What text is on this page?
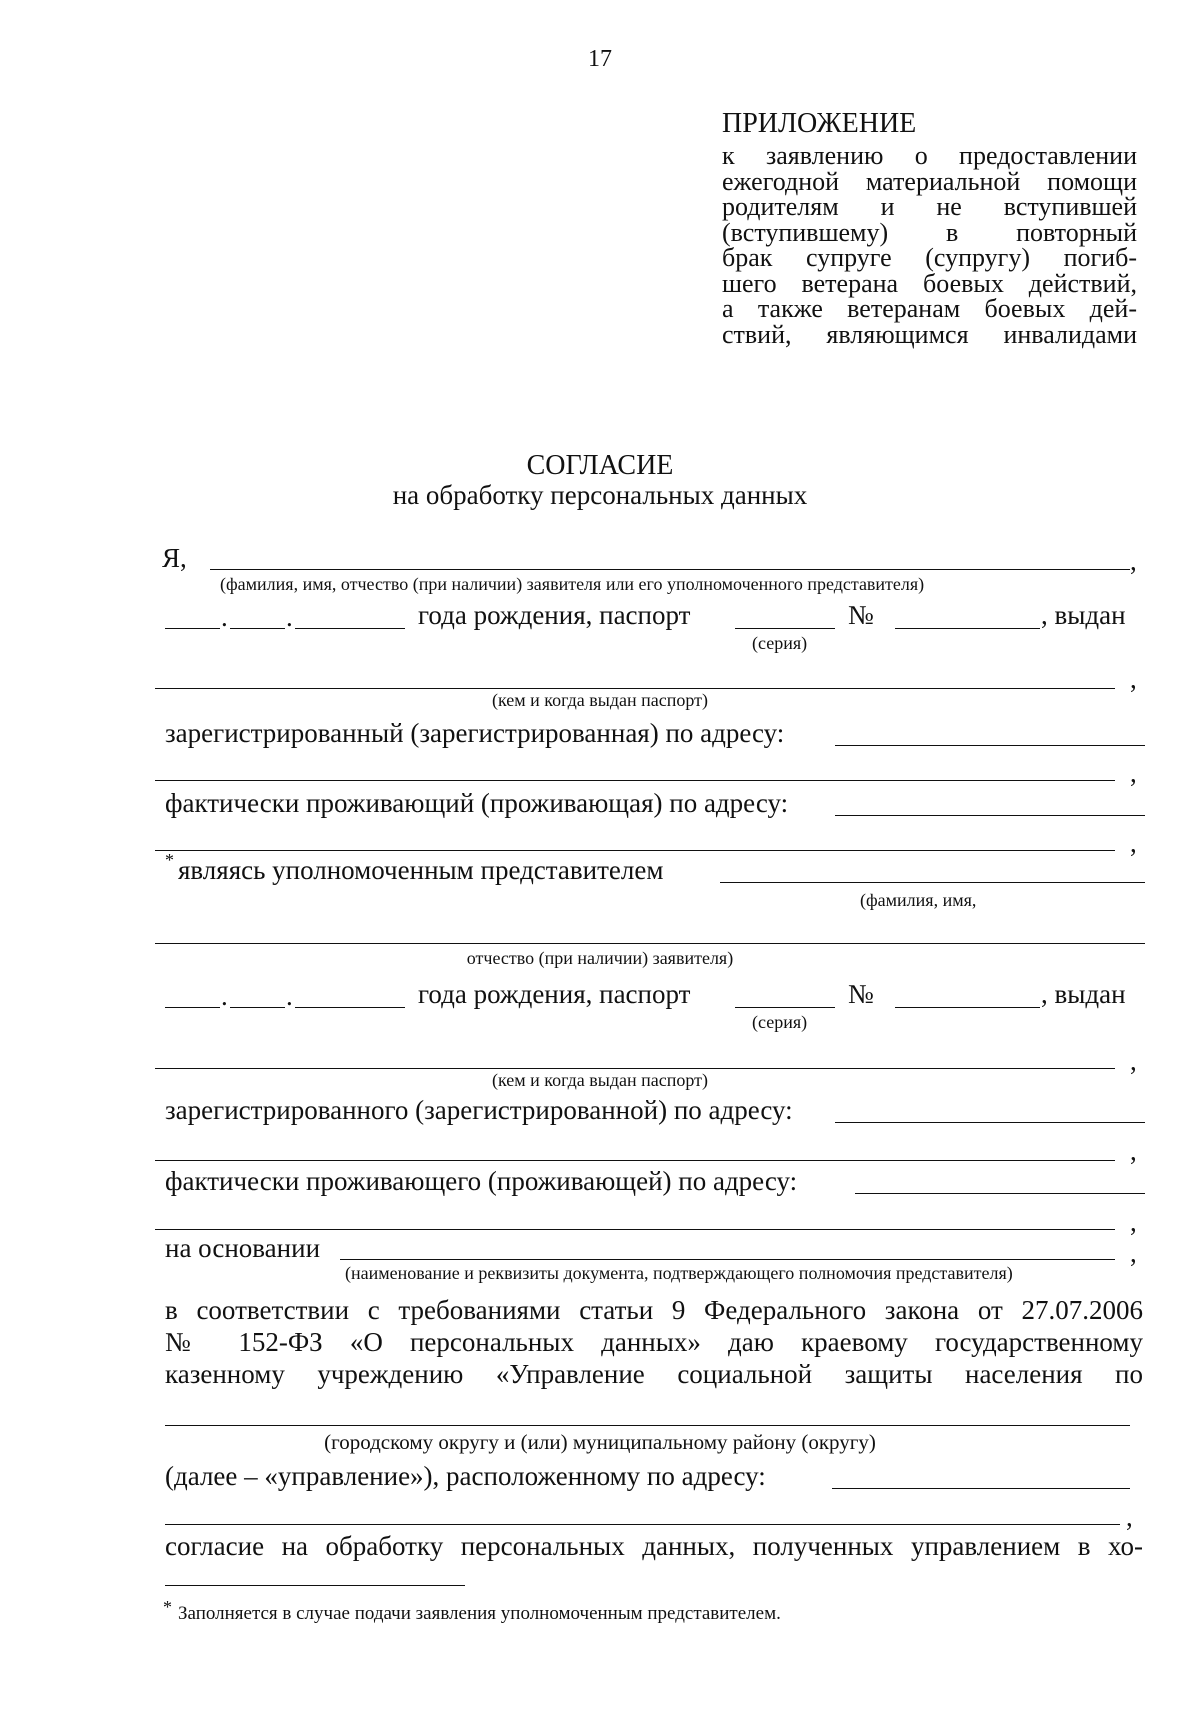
17
ПРИЛОЖЕНИЕ
к заявлению о предоставлении
ежегодной материальной помощи
родителям и не вступившей
(вступившему) в повторный
брак супруге (супругу) погиб-
шего ветерана боевых действий,
а также ветеранам боевых дей-
ствий, являющимся инвалидами
СОГЛАСИЕ
на обработку персональных данных
Я,	,
(фамилия, имя, отчество (при наличии) заявителя или его уполномоченного представителя)
. .	года рождения, паспорт	№	, выдан
(серия)
,
(кем и когда выдан паспорт)
зарегистрированный (зарегистрированная) по адресу:
,
фактически проживающий (проживающая) по адресу:
,
* являясь уполномоченным представителем
(фамилия, имя,
отчество (при наличии) заявителя)
. .	года рождения, паспорт	№	, выдан
(серия)
,
(кем и когда выдан паспорт)
зарегистрированного (зарегистрированной) по адресу:
,
фактически проживающего (проживающей) по адресу:
,
на основании	,
(наименование и реквизиты документа, подтверждающего полномочия представителя)
в соответствии с требованиями статьи 9 Федерального закона от 27.07.2006
№ 152-ФЗ «О персональных данных» даю краевому государственному
казенному учреждению «Управление социальной защиты населения по
(городскому округу и (или) муниципальному району (округу)
(далее – «управление»), расположенному по адресу:
,
согласие на обработку персональных данных, полученных управлением в хо-
* Заполняется в случае подачи заявления уполномоченным представителем.
